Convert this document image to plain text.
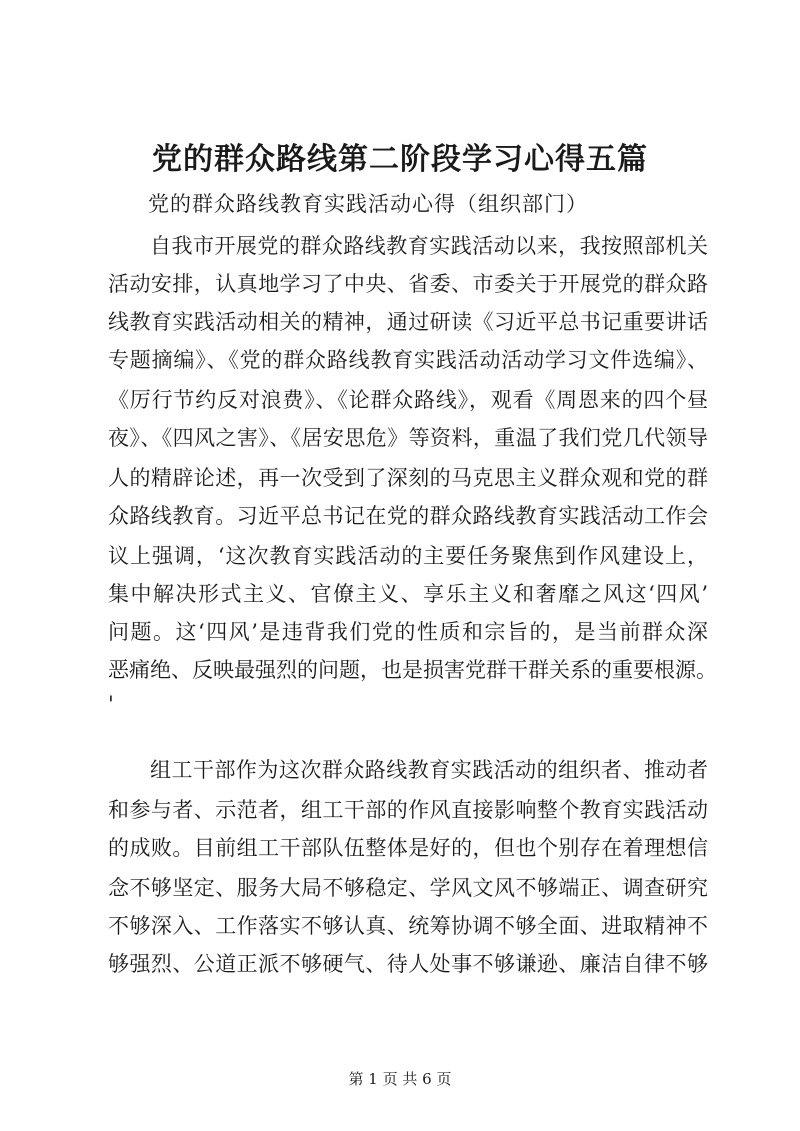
党的群众路线第二阶段学习心得五篇
党的群众路线教育实践活动心得（组织部门）
自我市开展党的群众路线教育实践活动以来，我按照部机关
活动安排，认真地学习了中央、省委、市委关于开展党的群众路
线教育实践活动相关的精神，通过研读《习近平总书记重要讲话
专题摘编》、《党的群众路线教育实践活动活动学习文件选编》、
《厉行节约反对浪费》、《论群众路线》，观看《周恩来的四个昼
夜》、《四风之害》、《居安思危》等资料，重温了我们党几代领导
人的精辟论述，再一次受到了深刻的马克思主义群众观和党的群
众路线教育。习近平总书记在党的群众路线教育实践活动工作会
议上强调，‘这次教育实践活动的主要任务聚焦到作风建设上，
集中解决形式主义、官僚主义、享乐主义和奢靡之风这‘四风’
问题。这‘四风’是违背我们党的性质和宗旨的，是当前群众深
恶痛绝、反映最强烈的问题，也是损害党群干群关系的重要根源。
'
组工干部作为这次群众路线教育实践活动的组织者、推动者
和参与者、示范者，组工干部的作风直接影响整个教育实践活动
的成败。目前组工干部队伍整体是好的，但也个别存在着理想信
念不够坚定、服务大局不够稳定、学风文风不够端正、调查研究
不够深入、工作落实不够认真、统筹协调不够全面、进取精神不
够强烈、公道正派不够硬气、待人处事不够谦逊、廉洁自律不够
第 1 页 共 6 页
